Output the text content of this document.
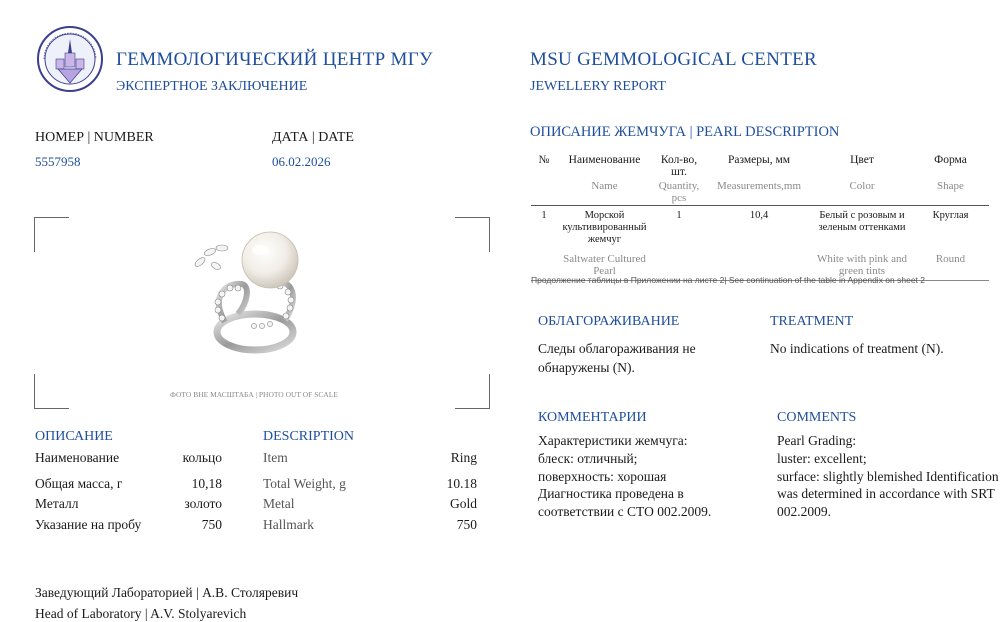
ГЕММОЛОГИЧЕСКИЙ ЦЕНТР МГУ
ЭКСПЕРТНОЕ ЗАКЛЮЧЕНИЕ
MSU GEMMOLOGICAL CENTER
JEWELLERY REPORT
НОМЕР | NUMBER
5557958
ДАТА | DATE
06.02.2026
ФОТО ВНЕ МАСШТАБА | PHOTO OUT OF SCALE
ОПИСАНИЕ	DESCRIPTION
Наименование	кольцо	Item	Ring
Общая масса, г	10,18	Total Weight, g	10.18
Металл	золото	Metal	Gold
Указание на пробу	750	Hallmark	750
Заведующий Лабораторией | А.В. Столяревич
Head of Laboratory | A.V. Stolyarevich
ОПИСАНИЕ ЖЕМЧУГА | PEARL DESCRIPTION
№	Наименование	Кол-во, шт.	Размеры, мм	Цвет	Форма
	Name	Quantity, pcs	Measurements,mm	Color	Shape

1	Морской культивированный жемчуг	1	10,4	Белый с розовым и зеленым оттенками	Круглая
	Saltwater Cultured Pearl			White with pink and green tints	Round
Продолжение таблицы в Приложении на листе 2| See continuation of the table in Appendix on sheet 2
ОБЛАГОРАЖИВАНИЕ	TREATMENT
Следы облагораживания не обнаружены (N).
No indications of treatment (N).
КОММЕНТАРИИ	COMMENTS
Характеристики жемчуга:
блеск: отличный;
поверхность: хорошая
Диагностика проведена в
соответствии с СТО 002.2009.
Pearl Grading:
luster: excellent;
surface: slightly blemished Identification
was determined in accordance with SRT
002.2009.
